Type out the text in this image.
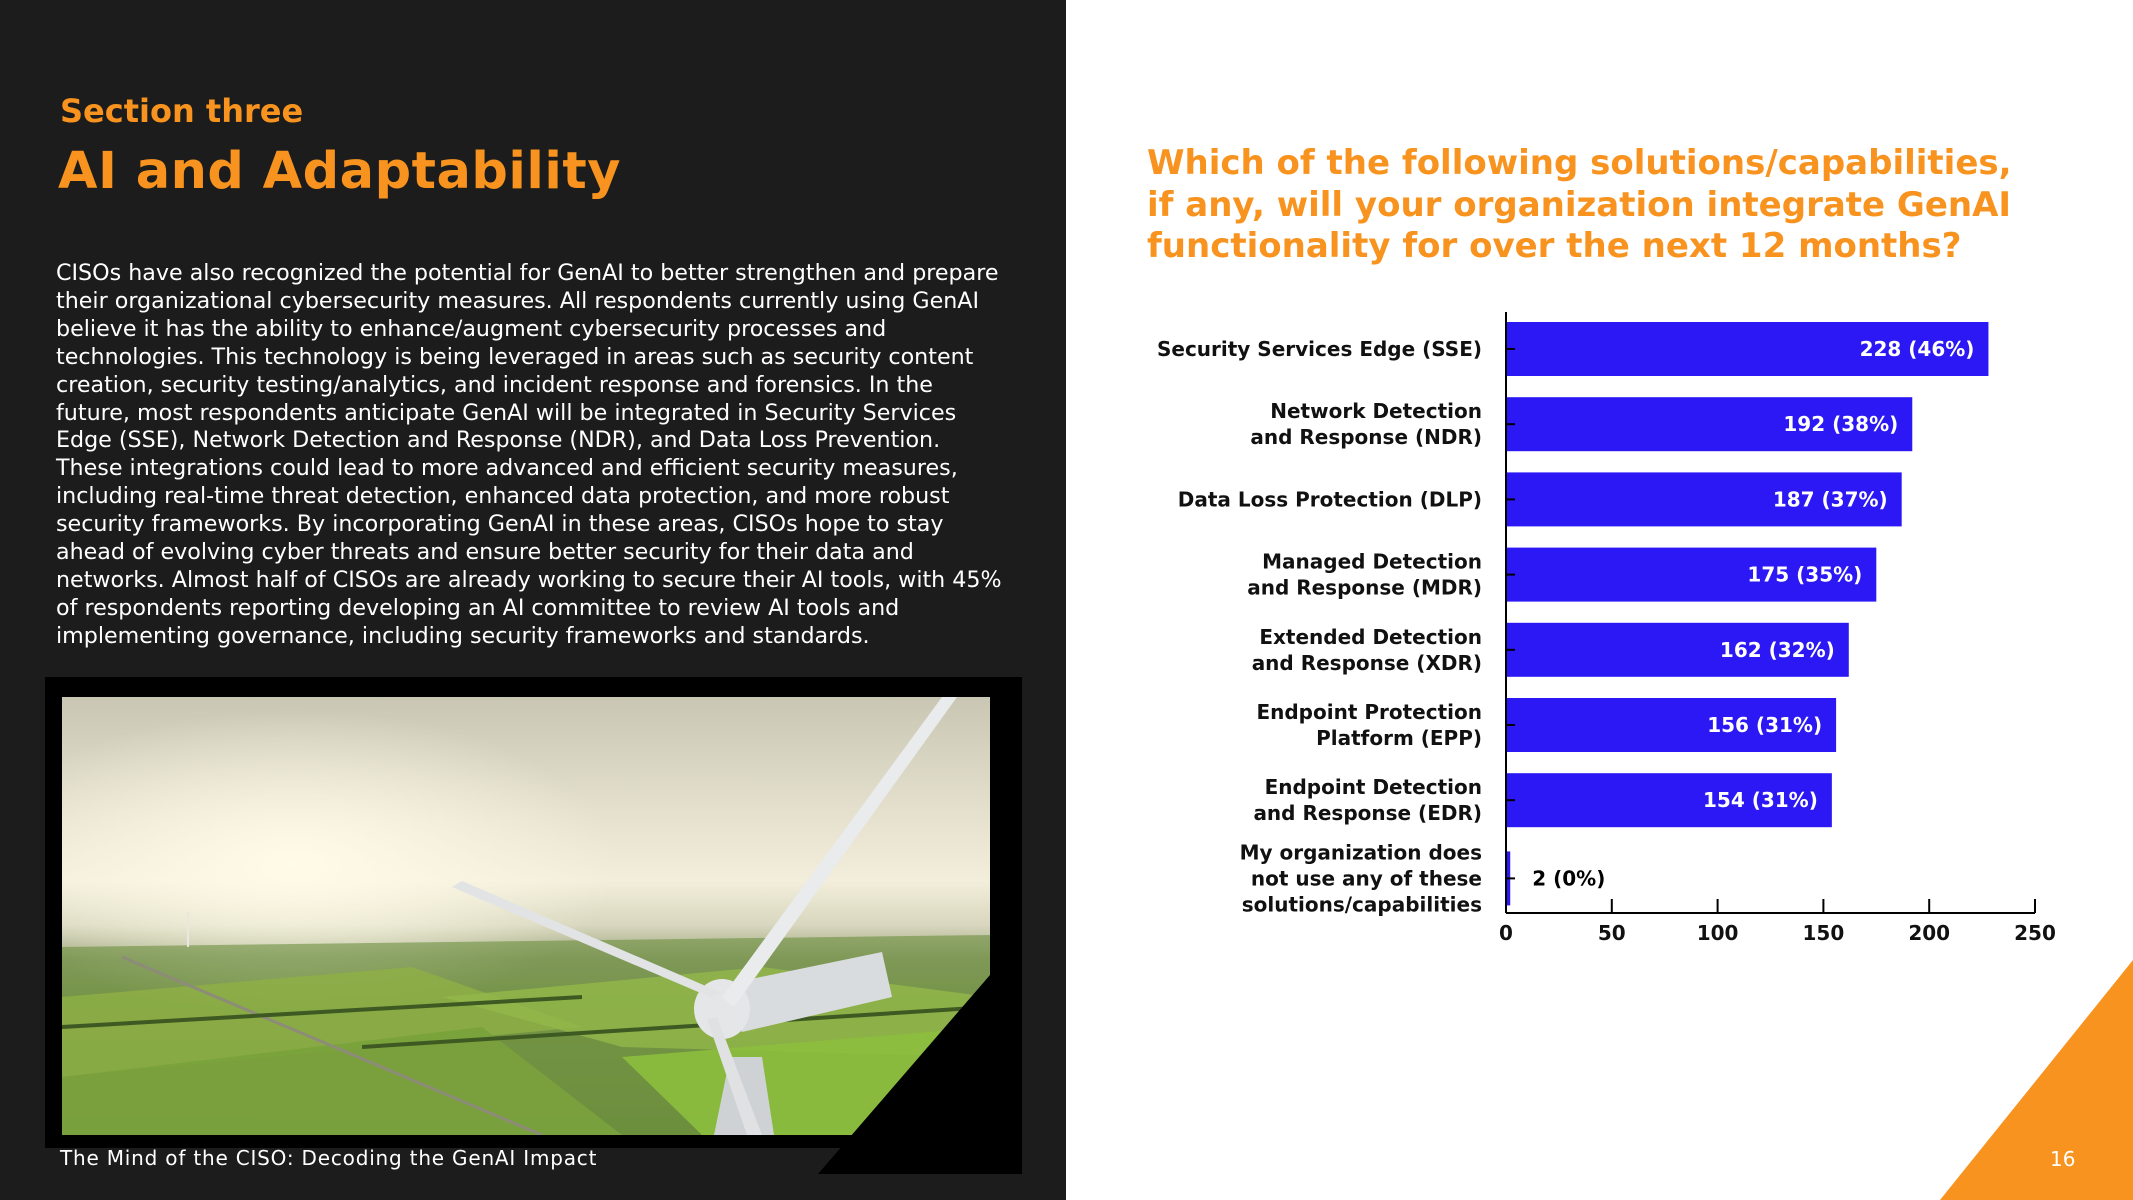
Section three
AI and Adaptability
CISOs have also recognized the potential for GenAI to better strengthen and prepare their organizational cybersecurity measures. All respondents currently using GenAI believe it has the ability to enhance/augment cybersecurity processes and technologies. This technology is being leveraged in areas such as security content creation, security testing/analytics, and incident response and forensics. In the future, most respondents anticipate GenAI will be integrated in Security Services Edge (SSE), Network Detection and Response (NDR), and Data Loss Prevention. These integrations could lead to more advanced and efficient security measures, including real-time threat detection, enhanced data protection, and more robust security frameworks. By incorporating GenAI in these areas, CISOs hope to stay ahead of evolving cyber threats and ensure better security for their data and networks. Almost half of CISOs are already working to secure their AI tools, with 45% of respondents reporting developing an AI committee to review AI tools and implementing governance, including security frameworks and standards.
The Mind of the CISO: Decoding the GenAI Impact
Which of the following solutions/capabilities, if any, will your organization integrate GenAI functionality for over the next 12 months?
228 (46%)
Security Services Edge (SSE)
192 (38%)
Network Detection and Response (NDR)
187 (37%)
Data Loss Protection (DLP)
175 (35%)
Managed Detection and Response (MDR)
162 (32%)
Extended Detection and Response (XDR)
156 (31%)
Endpoint Protection Platform (EPP)
154 (31%)
Endpoint Detection and Response (EDR)
2 (0%)
My organization does not use any of these solutions/capabilities
0	50	100	150	200	250
16
